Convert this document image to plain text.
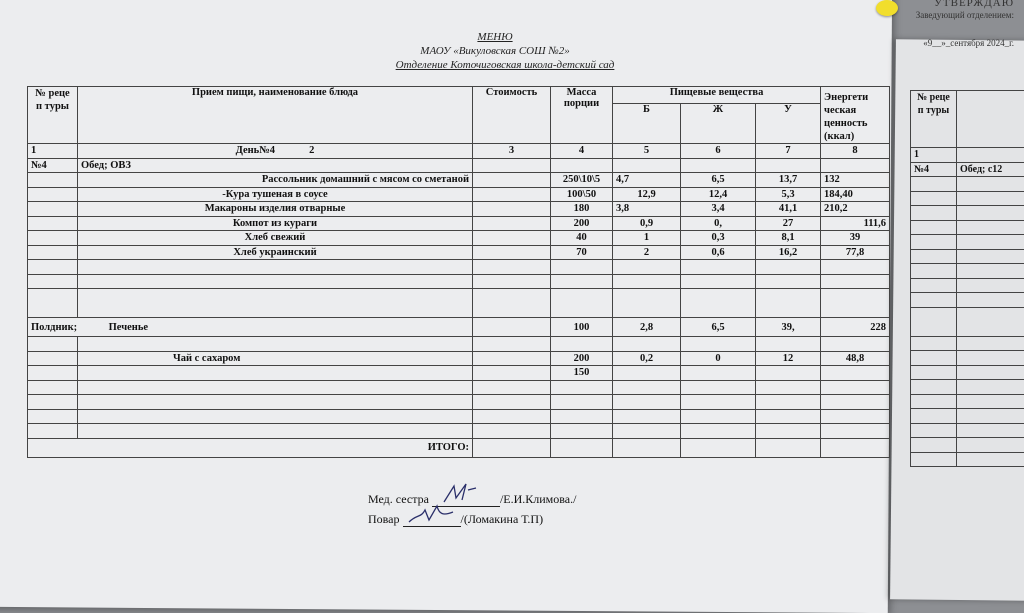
УТВЕРЖДАЮ
Заведующий отделением:
«9__»_сентября 2024_г.
МЕНЮ
МАОУ «Викуловская СОШ №2»
Отделение Коточиговская школа-детский сад
№ реце п туры	Прием пищи, наименование блюда	Стоимость	Масса порции	Пищевые вещества			Энергети ческая ценность (ккал)
				Б	Ж	У	
1	День№4 2	3	4	5	6	7	8
№4	Обед; ОВЗ						
	Рассольник домашний с мясом со сметаной		250\10\5	4,7	6,5	13,7	132
	-Кура тушеная в соусе		100\50	12,9	12,4	5,3	184,40
	Макароны изделия отварные		180	3,8	3,4	41,1	210,2
	Компот из кураги		200	0,9	0,	27	111,6
	Хлеб свежий		40	1	0,3	8,1	39
	Хлеб украинский		70	2	0,6	16,2	77,8

Полдник; Печенье			100	2,8	6,5	39,	228

	Чай с сахаром		200	0,2	0	12	48,8
			150				

ИТОГО:							
Мед. сестра	/Е.И.Климова./
Повар	/(Ломакина Т.П)
№ реце п туры	
1	
№4	Обед; с12
